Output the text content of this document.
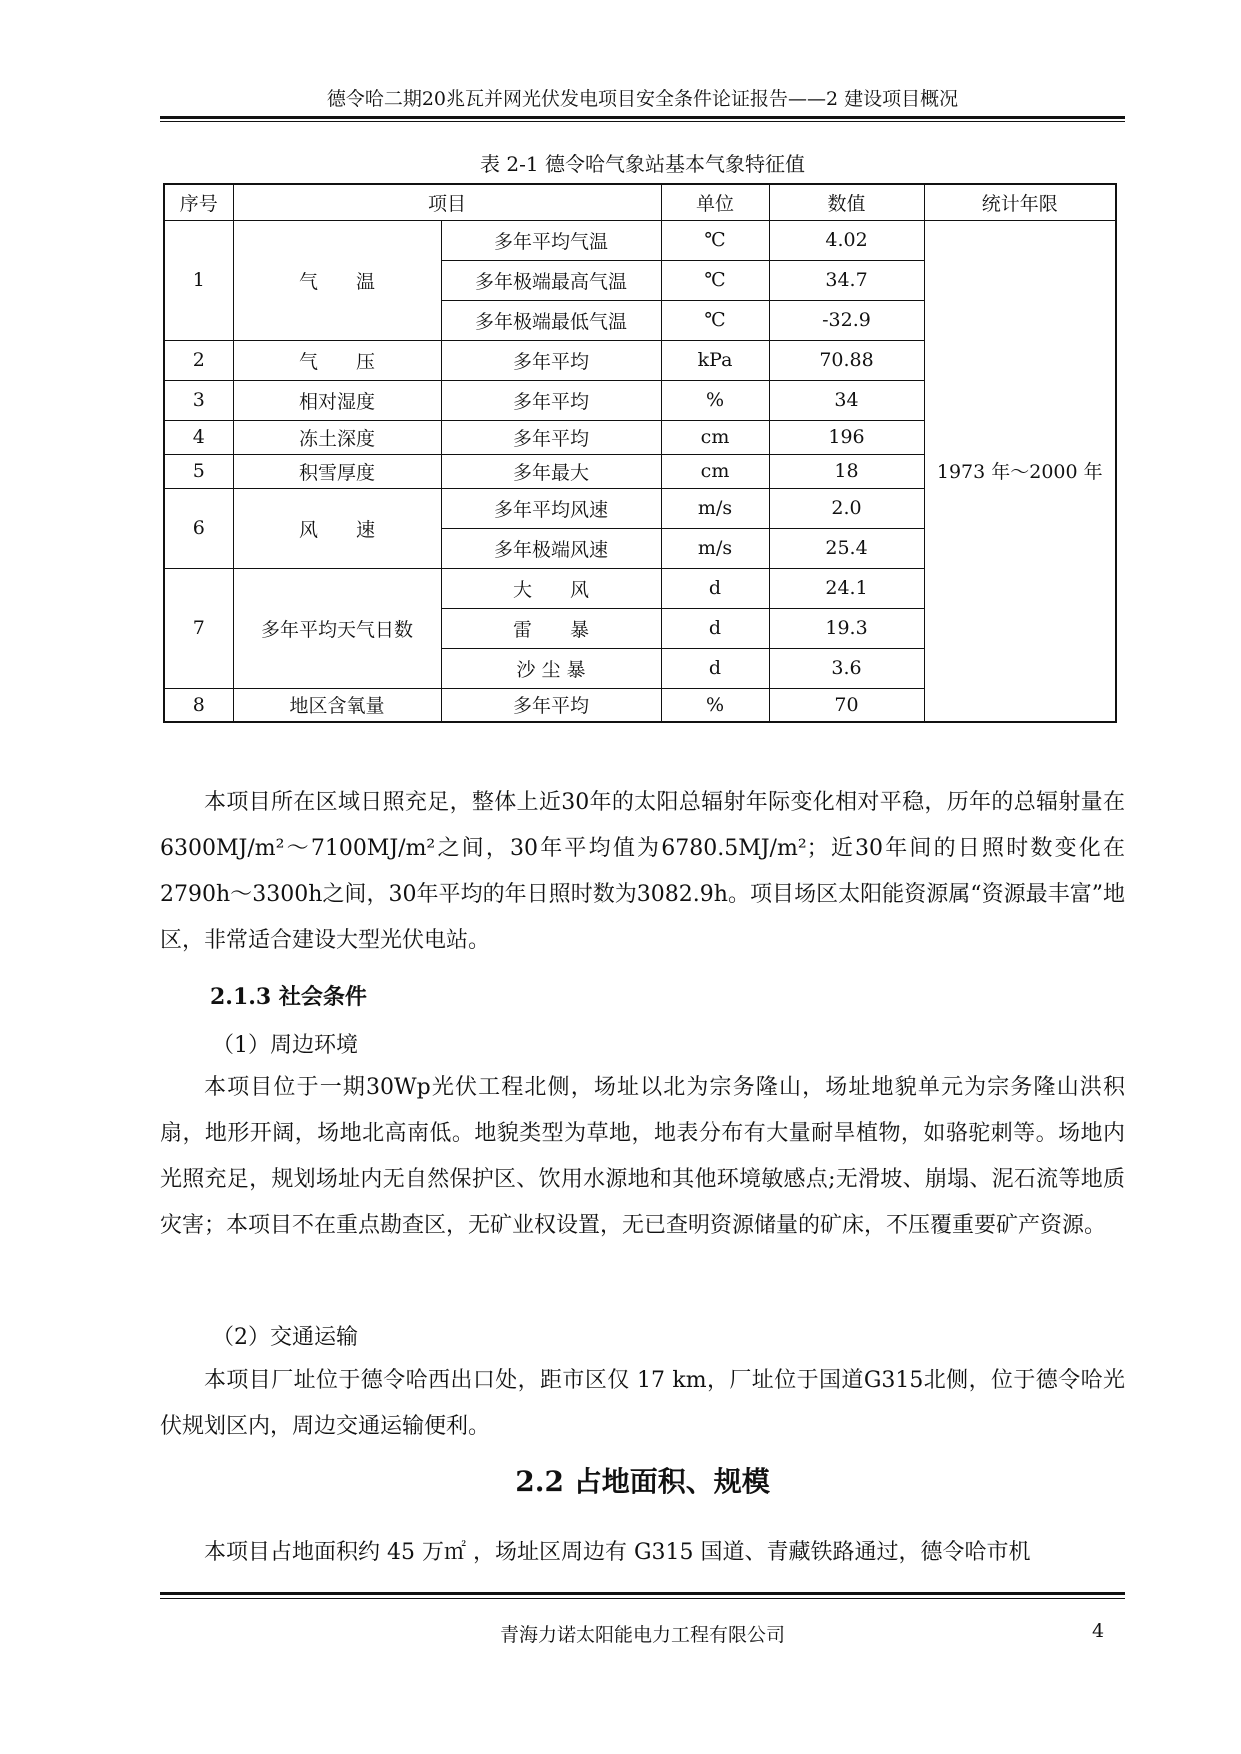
德令哈二期20兆瓦并网光伏发电项目安全条件论证报告——2 建设项目概况
表 2-1 德令哈气象站基本气象特征值
序号	项目		单位	数值	统计年限
1	气　　温	多年平均气温	℃	4.02	1973 年～2000 年
		多年极端最高气温	℃	34.7	
		多年极端最低气温	℃	-32.9	
2	气　　压	多年平均	kPa	70.88	
3	相对湿度	多年平均	%	34	
4	冻土深度	多年平均	cm	196	
5	积雪厚度	多年最大	cm	18	
6	风　　速	多年平均风速	m/s	2.0	
		多年极端风速	m/s	25.4	
7	多年平均天气日数	大　　风	d	24.1	
		雷　　暴	d	19.3	
		沙 尘 暴	d	3.6	
8	地区含氧量	多年平均	%	70	
本项目所在区域日照充足，整体上近30年的太阳总辐射年际变化相对平稳，历年的总辐射量在6300MJ/m²～7100MJ/m²之间，30年平均值为6780.5MJ/m²；近30年间的日照时数变化在2790h～3300h之间，30年平均的年日照时数为3082.9h。项目场区太阳能资源属“资源最丰富”地区，非常适合建设大型光伏电站。
2.1.3 社会条件
（1）周边环境
本项目位于一期30Wp光伏工程北侧，场址以北为宗务隆山，场址地貌单元为宗务隆山洪积扇，地形开阔，场地北高南低。地貌类型为草地，地表分布有大量耐旱植物，如骆驼刺等。场地内光照充足，规划场址内无自然保护区、饮用水源地和其他环境敏感点;无滑坡、崩塌、泥石流等地质灾害；本项目不在重点勘查区，无矿业权设置，无已查明资源储量的矿床，不压覆重要矿产资源。
（2）交通运输
本项目厂址位于德令哈西出口处，距市区仅 17 km，厂址位于国道G315北侧，位于德令哈光伏规划区内，周边交通运输便利。
2.2 占地面积、规模
本项目占地面积约 45 万㎡ ，场址区周边有 G315 国道、青藏铁路通过，德令哈市机
青海力诺太阳能电力工程有限公司	4
